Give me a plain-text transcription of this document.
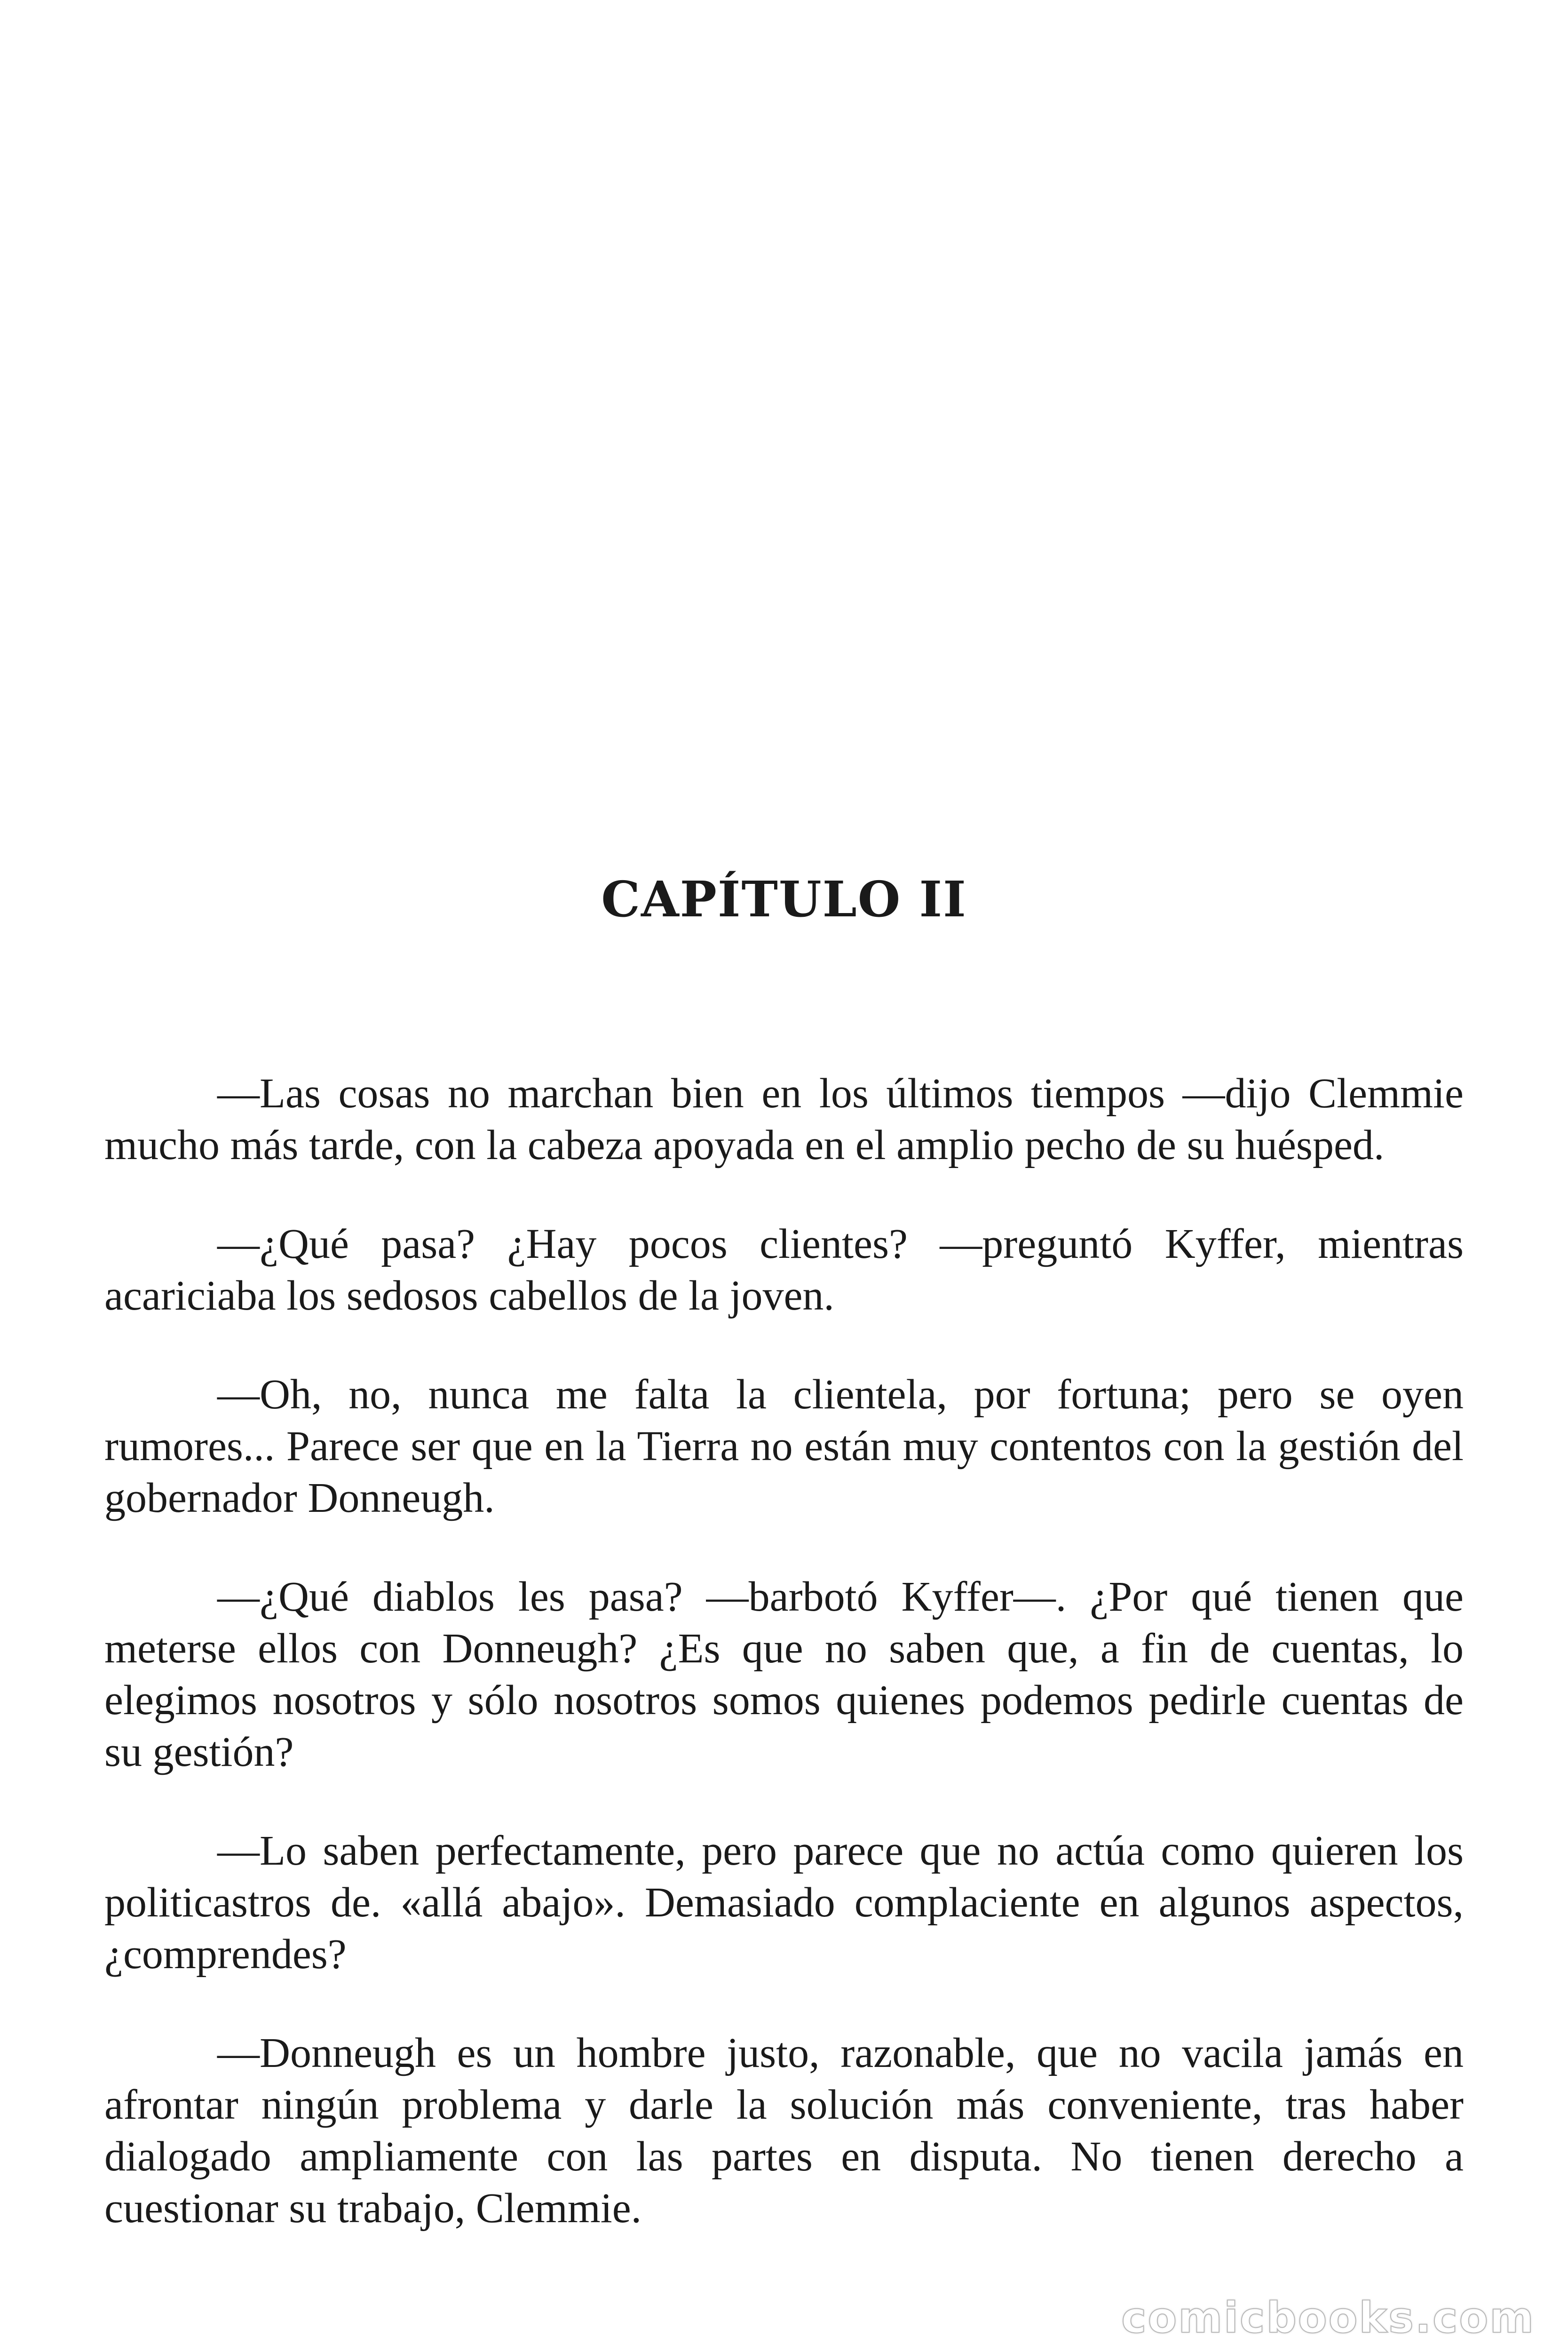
CAPÍTULO II

—Las cosas no marchan bien en los últimos tiempos —dijo Clemmie mucho más tarde, con la cabeza apoyada en el amplio pecho de su huésped.

—¿Qué pasa? ¿Hay pocos clientes? —preguntó Kyffer, mientras acariciaba los sedosos cabellos de la joven.

—Oh, no, nunca me falta la clientela, por fortuna; pero se oyen rumores... Parece ser que en la Tierra no están muy contentos con la gestión del gobernador Donneugh.

—¿Qué diablos les pasa? —barbotó Kyffer—. ¿Por qué tienen que meterse ellos con Donneugh? ¿Es que no saben que, a fin de cuentas, lo elegimos nosotros y sólo nosotros somos quienes podemos pedirle cuentas de su gestión?

—Lo saben perfectamente, pero parece que no actúa como quieren los politicastros de. «allá abajo». Demasiado complaciente en algunos aspectos, ¿comprendes?

—Donneugh es un hombre justo, razonable, que no vacila jamás en afrontar ningún problema y darle la solución más conveniente, tras haber dialogado ampliamente con las partes en disputa. No tienen derecho a cuestionar su trabajo, Clemmie.

comicbooks.com
